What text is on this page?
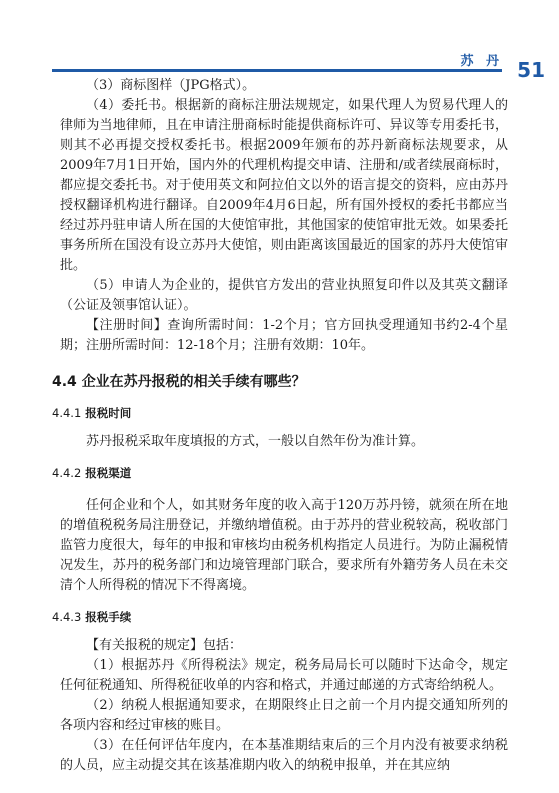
苏 丹 51

（3）商标图样（JPG格式）。

（4）委托书。根据新的商标注册法规规定，如果代理人为贸易代理人的律师为当地律师，且在申请注册商标时能提供商标许可、异议等专用委托书，则其不必再提交授权委托书。根据2009年颁布的苏丹新商标法规要求，从2009年7月1日开始，国内外的代理机构提交申请、注册和/或者续展商标时，都应提交委托书。对于使用英文和阿拉伯文以外的语言提交的资料，应由苏丹授权翻译机构进行翻译。自2009年4月6日起，所有国外授权的委托书都应当经过苏丹驻申请人所在国的大使馆审批，其他国家的使馆审批无效。如果委托事务所所在国没有设立苏丹大使馆，则由距离该国最近的国家的苏丹大使馆审批。

（5）申请人为企业的，提供官方发出的营业执照复印件以及其英文翻译（公证及领事馆认证）。

【注册时间】查询所需时间：1-2个月；官方回执受理通知书约2-4个星期；注册所需时间：12-18个月；注册有效期：10年。

4.4 企业在苏丹报税的相关手续有哪些？
4.4.1 报税时间

苏丹报税采取年度填报的方式，一般以自然年份为准计算。

4.4.2 报税渠道

任何企业和个人，如其财务年度的收入高于120万苏丹镑，就须在所在地的增值税税务局注册登记，并缴纳增值税。由于苏丹的营业税较高，税收部门监管力度很大，每年的申报和审核均由税务机构指定人员进行。为防止漏税情况发生，苏丹的税务部门和边境管理部门联合，要求所有外籍劳务人员在未交清个人所得税的情况下不得离境。

4.4.3 报税手续

【有关报税的规定】包括：

（1）根据苏丹《所得税法》规定，税务局局长可以随时下达命令，规定任何征税通知、所得税征收单的内容和格式，并通过邮递的方式寄给纳税人。

（2）纳税人根据通知要求，在期限终止日之前一个月内提交通知所列的各项内容和经过审核的账目。

（3）在任何评估年度内，在本基准期结束后的三个月内没有被要求纳税的人员，应主动提交其在该基准期内收入的纳税申报单，并在其应纳
